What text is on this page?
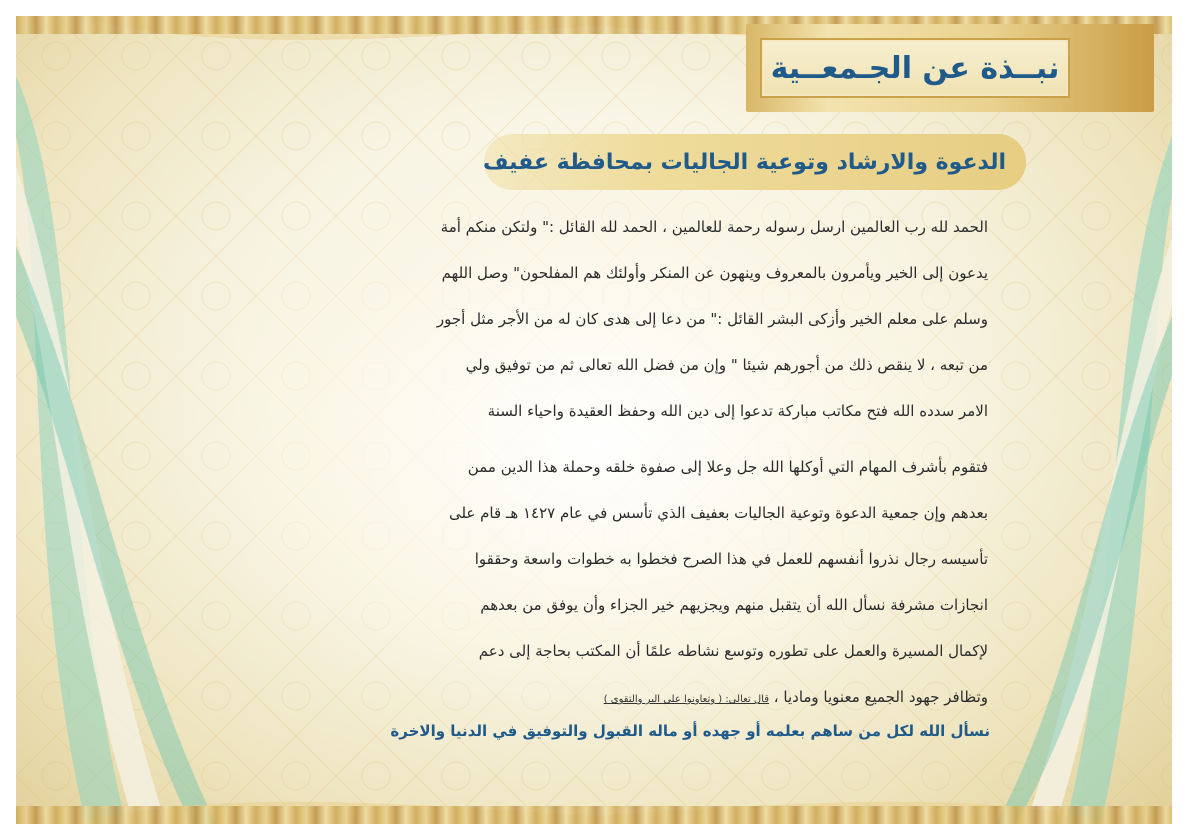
نبــذة عن الجـمعــية
الدعوة والارشاد وتوعية الجاليات بمحافظة عفيف
الحمد لله رب العالمين ارسل رسوله رحمة للعالمين ، الحمد لله القائل :" ولتكن منكم أمة
يدعون إلى الخير ويأمرون بالمعروف وينهون عن المنكر وأولئك هم المفلحون" وصل اللهم
وسلم على معلم الخير وأزكى البشر القائل :" من دعا إلى هدى كان له من الأجر مثل أجور
من تبعه ، لا ينقص ذلك من أجورهم شيئا " وإن من فضل الله تعالى ثم من توفيق ولي
الامر سدده الله فتح مكاتب مباركة تدعوا إلى دين الله وحفظ العقيدة واحياء السنة
فتقوم بأشرف المهام التي أوكلها الله جل وعلا إلى صفوة خلقه وحملة هذا الدين ممن
بعدهم وإن جمعية الدعوة وتوعية الجاليات بعفيف الذي تأسس في عام ١٤٢٧ هـ قام على
تأسيسه رجال نذروا أنفسهم للعمل في هذا الصرح فخطوا به خطوات واسعة وحققوا
انجازات مشرفة نسأل الله أن يتقبل منهم ويجزيهم خير الجزاء وأن يوفق من بعدهم
لإكمال المسيرة والعمل على تطوره وتوسع نشاطه علمًا أن المكتب بحاجة إلى دعم
وتظافر جهود الجميع معنويا وماديا ، قال تعالى: ( وتعاونوا على البر والتقوى )
نسأل الله لكل من ساهم بعلمه أو جهده أو ماله القبول والتوفيق في الدنيا والاخرة
